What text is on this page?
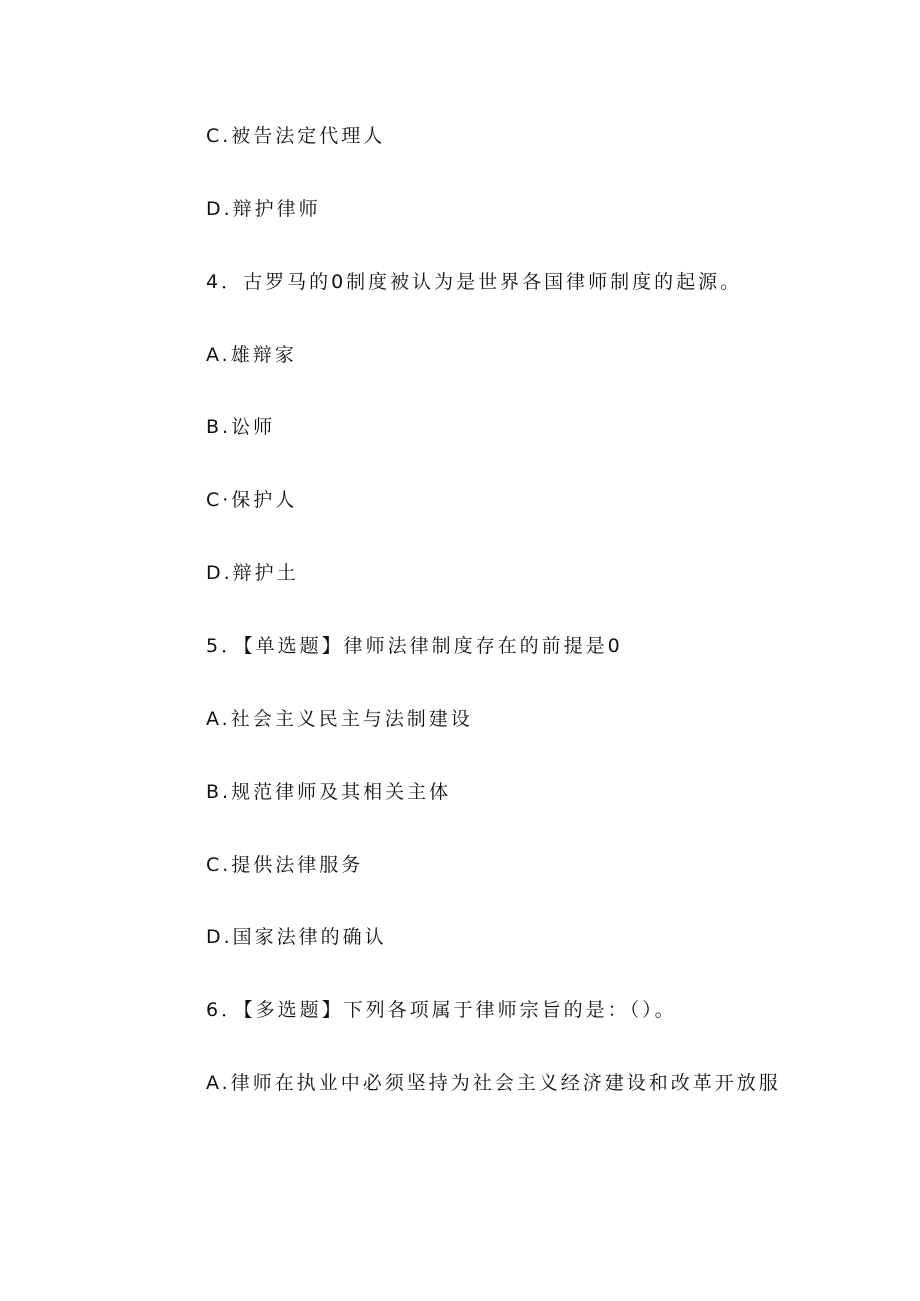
C.被告法定代理人
D.辩护律师
4．古罗马的0制度被认为是世界各国律师制度的起源。
A.雄辩家
B.讼师
C·保护人
D.辩护土
5．【单选题】律师法律制度存在的前提是0
A.社会主义民主与法制建设
B.规范律师及其相关主体
C.提供法律服务
D.国家法律的确认
6．【多选题】下列各项属于律师宗旨的是：（）。
A.律师在执业中必须坚持为社会主义经济建设和改革开放服
